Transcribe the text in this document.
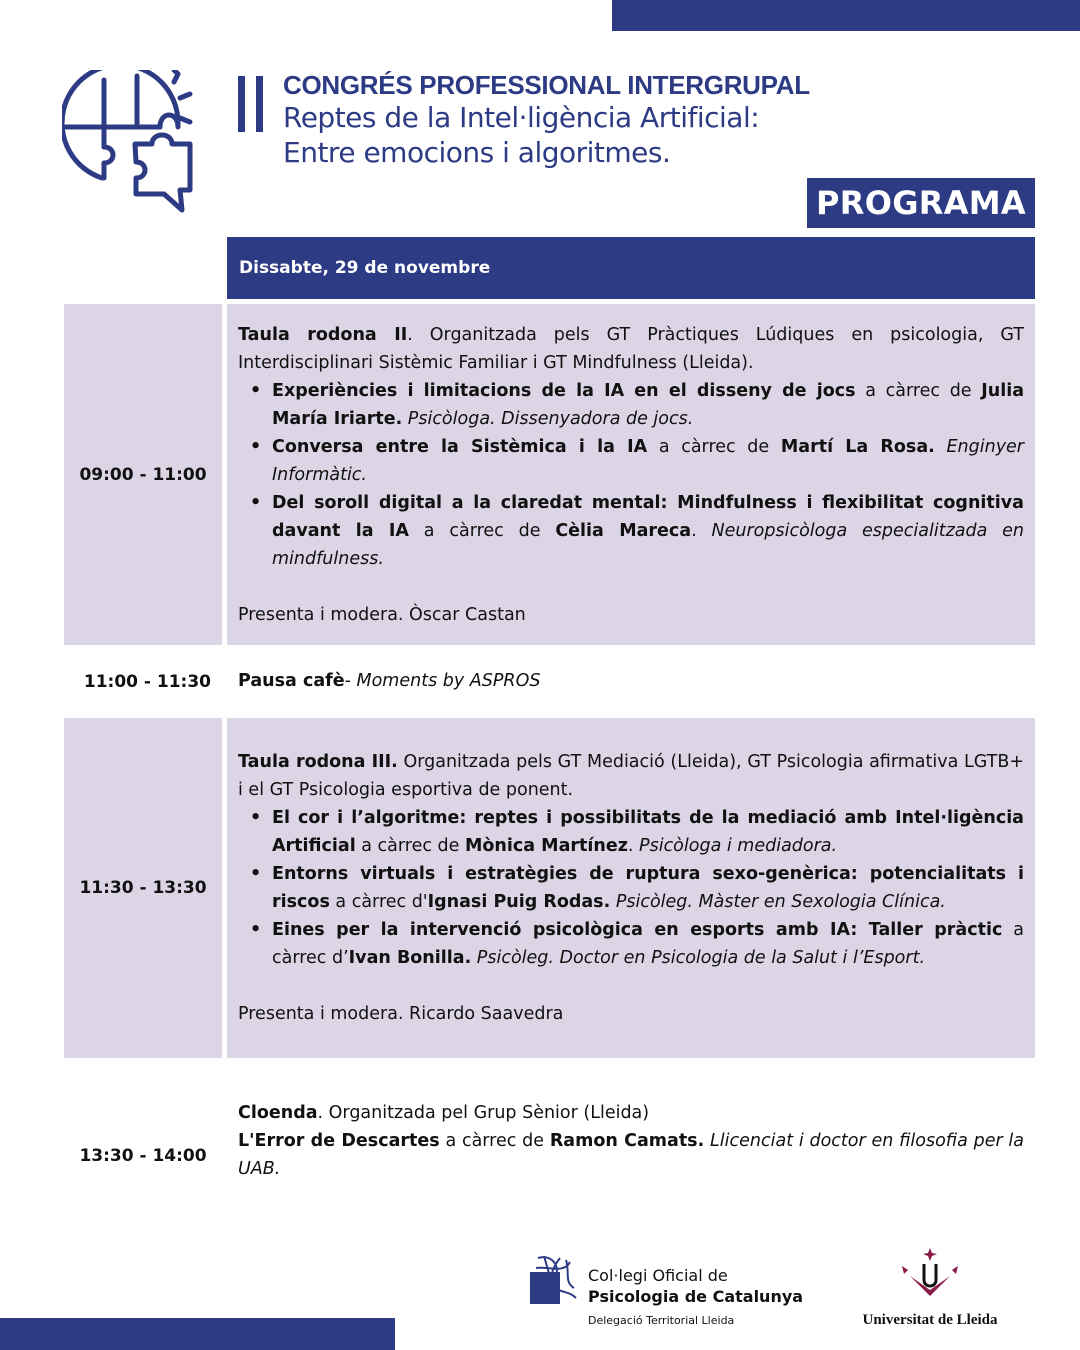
CONGRÉS PROFESSIONAL INTERGRUPAL
Reptes de la Intel·ligència Artificial:
Entre emocions i algoritmes.
PROGRAMA
Dissabte, 29 de novembre
09:00 - 11:00

Taula rodona II. Organitzada pels GT Pràctiques Lúdiques en psicologia, GT Interdisciplinari Sistèmic Familiar i GT Mindfulness (Lleida).

• Experiències i limitacions de la IA en el disseny de jocs a càrrec de Julia María Iriarte. Psicòloga. Dissenyadora de jocs.
• Conversa entre la Sistèmica i la IA a càrrec de Martí La Rosa. Enginyer Informàtic.
• Del soroll digital a la claredat mental: Mindfulness i flexibilitat cognitiva davant la IA a càrrec de Cèlia Mareca. Neuropsicòloga especialitzada en mindfulness.

Presenta i modera. Òscar Castan

11:00 - 11:30	Pausa cafè- Moments by ASPROS
11:30 - 13:30

Taula rodona III. Organitzada pels GT Mediació (Lleida), GT Psicologia afirmativa LGTB+ i el GT Psicologia esportiva de ponent.

• El cor i l’algoritme: reptes i possibilitats de la mediació amb Intel·ligència Artificial a càrrec de Mònica Martínez. Psicòloga i mediadora.
• Entorns virtuals i estratègies de ruptura sexo-genèrica: potencialitats i riscos a càrrec d'Ignasi Puig Rodas. Psicòleg. Màster en Sexologia Clínica.
• Eines per la intervenció psicològica en esports amb IA: Taller pràctic a càrrec d’Ivan Bonilla. Psicòleg. Doctor en Psicologia de la Salut i l’Esport.

Presenta i modera. Ricardo Saavedra

13:30 - 14:00

Cloenda. Organitzada pel Grup Sènior (Lleida)

L'Error de Descartes a càrrec de Ramon Camats. Llicenciat i doctor en filosofia per la UAB.

Col·legi Oficial de
Psicologia de Catalunya
Delegació Territorial Lleida	Universitat de Lleida
